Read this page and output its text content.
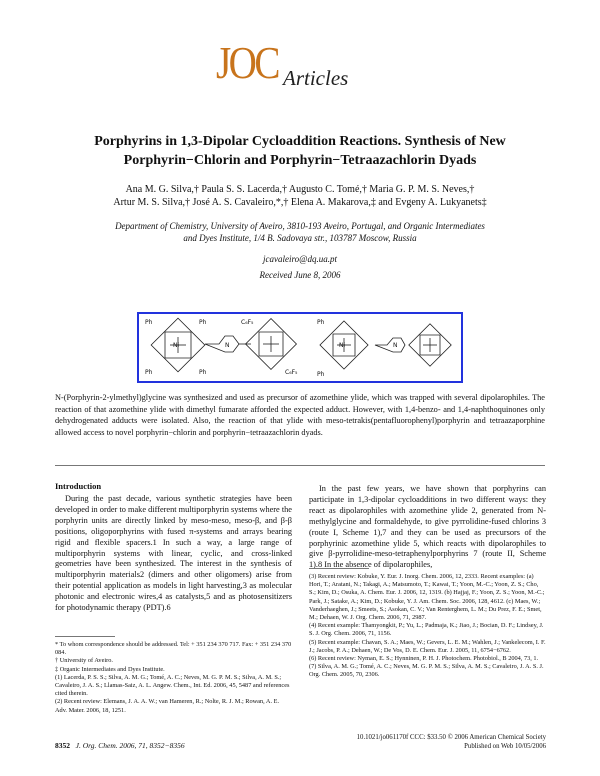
JOC Articles
Porphyrins in 1,3-Dipolar Cycloaddition Reactions. Synthesis of New Porphyrin−Chlorin and Porphyrin−Tetraazachlorin Dyads
Ana M. G. Silva,† Paula S. S. Lacerda,† Augusto C. Tomé,† Maria G. P. M. S. Neves,†
Artur M. S. Silva,† José A. S. Cavaleiro,*,† Elena A. Makarova,‡ and Evgeny A. Lukyanets‡
Department of Chemistry, University of Aveiro, 3810-193 Aveiro, Portugal, and Organic Intermediates
and Dyes Institute, 1/4 B. Sadovaya str., 103787 Moscow, Russia
jcavaleiro@dq.ua.pt
Received June 8, 2006
Ph	Ph
Ph	Ph
Ni	N
C₆F₅
C₆F₅
Ph
Ph
Ni	N
N-(Porphyrin-2-ylmethyl)glycine was synthesized and used as precursor of azomethine ylide, which was trapped with several dipolarophiles. The reaction of that azomethine ylide with dimethyl fumarate afforded the expected adduct. However, with 1,4-benzo- and 1,4-naphthoquinones only dehydrogenated adducts were isolated. Also, the reaction of that ylide with meso-tetrakis(pentafluorophenyl)porphyrin and tetraazaporphine allowed access to novel porphyrin−chlorin and porphyrin−tetraazachlorin dyads.
Introduction

During the past decade, various synthetic strategies have been developed in order to make different multiporphyrin systems where the porphyrin units are directly linked by meso-meso, meso-β, and β-β positions, oligoporphyrins with fused π-systems and arrays bearing rigid and flexible spacers.1 In such a way, a large range of multiporphyrin systems with linear, cyclic, and cross-linked geometries have been synthesized. The interest in the synthesis of multiporphyrin materials2 (dimers and other oligomers) arise from their potential application as models in light harvesting,3 as molecular photonic and electronic wires,4 as catalysts,5 and as photosensitizers for photodynamic therapy (PDT).6

In the past few years, we have shown that porphyrins can participate in 1,3-dipolar cycloadditions in two different ways: they react as dipolarophiles with azomethine ylide 2, generated from N-methylglycine and formaldehyde, to give pyrrolidine-fused chlorins 3 (route I, Scheme 1),7 and they can be used as precursors of the porphyrinic azomethine ylide 5, which reacts with dipolarophiles to give β-pyrrolidine-meso-tetraphenylporphyrins 7 (route II, Scheme 1).8 In the absence of dipolarophiles,

* To whom correspondence should be addressed. Tel: + 351 234 370 717. Fax: + 351 234 370 084.

† University of Aveiro.

‡ Organic Intermediates and Dyes Institute.

(1) Lacerda, P. S. S.; Silva, A. M. G.; Tomé, A. C.; Neves, M. G. P. M. S.; Silva, A. M. S.; Cavaleiro, J. A. S.; Llamas-Saiz, A. L. Angew. Chem., Int. Ed. 2006, 45, 5487 and references cited therein.

(2) Recent review: Elemans, J. A. A. W.; van Hameren, R.; Nolte, R. J. M.; Rowan, A. E. Adv. Mater. 2006, 18, 1251.

(3) Recent review: Kobuke, Y. Eur. J. Inorg. Chem. 2006, 12, 2333. Recent examples: (a) Hori, T.; Aratani, N.; Takagi, A.; Matsumoto, T.; Kawai, T.; Yoon, M.-C.; Yoon, Z. S.; Cho, S.; Kim, D.; Osuka, A. Chem. Eur. J. 2006, 12, 1319. (b) Hajjaj, F.; Yoon, Z. S.; Yoon, M.-C.; Park, J.; Satake, A.; Kim, D.; Kobuke, Y. J. Am. Chem. Soc. 2006, 128, 4612. (c) Maes, W.; Vanderhaeghen, J.; Smeets, S.; Asokan, C. V.; Van Renterghem, L. M.; Du Prez, F. E.; Smet, M.; Dehaen, W. J. Org. Chem. 2006, 71, 2987.

(4) Recent example: Thamyongkit, P.; Yu, L.; Padmaja, K.; Jiao, J.; Bocian, D. F.; Lindsey, J. S. J. Org. Chem. 2006, 71, 1156.

(5) Recent example: Chavan, S. A.; Maes, W.; Gevers, L. E. M.; Wahlen, J.; Vankelecom, I. F. J.; Jacobs, P. A.; Dehaen, W.; De Vos, D. E. Chem. Eur. J. 2005, 11, 6754−6762.

(6) Recent review: Nyman, E. S.; Hynninen, P. H. J. Photochem. Photobiol., B 2004, 73, 1.

(7) Silva, A. M. G.; Tomé, A. C.; Neves, M. G. P. M. S.; Silva, A. M. S.; Cavaleiro, J. A. S. J. Org. Chem. 2005, 70, 2306.

8352 J. Org. Chem. 2006, 71, 8352−8356
10.1021/jo061170f CCC: $33.50 © 2006 American Chemical Society
Published on Web 10/05/2006
